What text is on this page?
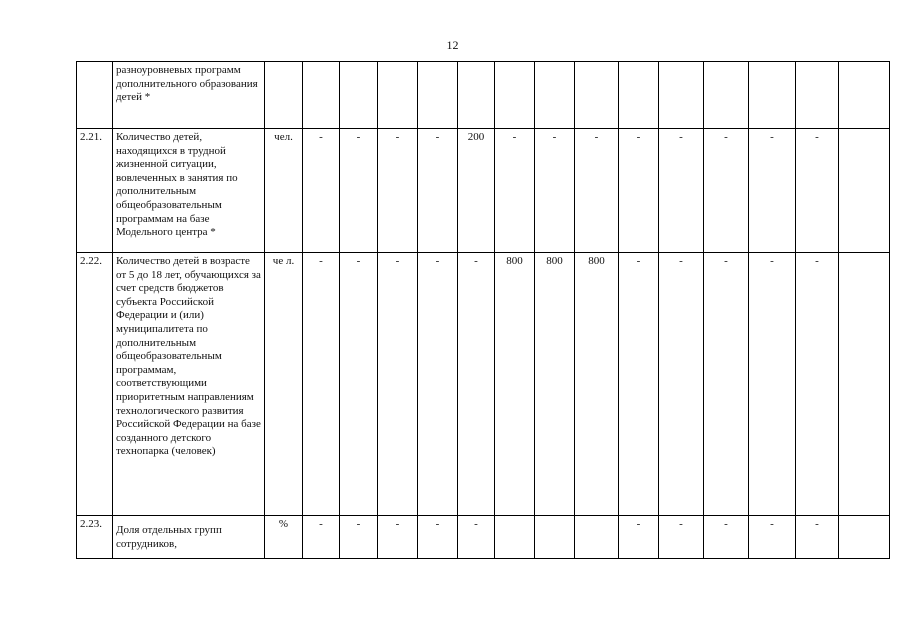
12

	разноуровневых программ дополнительного образования детей *															

2.21.	Количество детей, находящихся в трудной жизненной ситуации, вовлеченных в занятия по дополнительным общеобразовательным программам на базе Модельного центра *	чел.	-	-	-	-	200	-	-	-	-	-	-	-	-	
2.22.	Количество детей в возрасте от 5 до 18 лет, обучающихся за счет средств бюджетов субъекта Российской Федерации и (или) муниципалитета по дополнительным общеобразовательным программам, соответствующими приоритетным направлениям технологического развития Российской Федерации на базе созданного детского технопарка (человек)	че л.	-	-	-	-	-	800	800	800	-	-	-	-	-	
2.23.	Доля отдельных групп сотрудников,	%	-	-	-	-	-				-	-	-	-	-	
